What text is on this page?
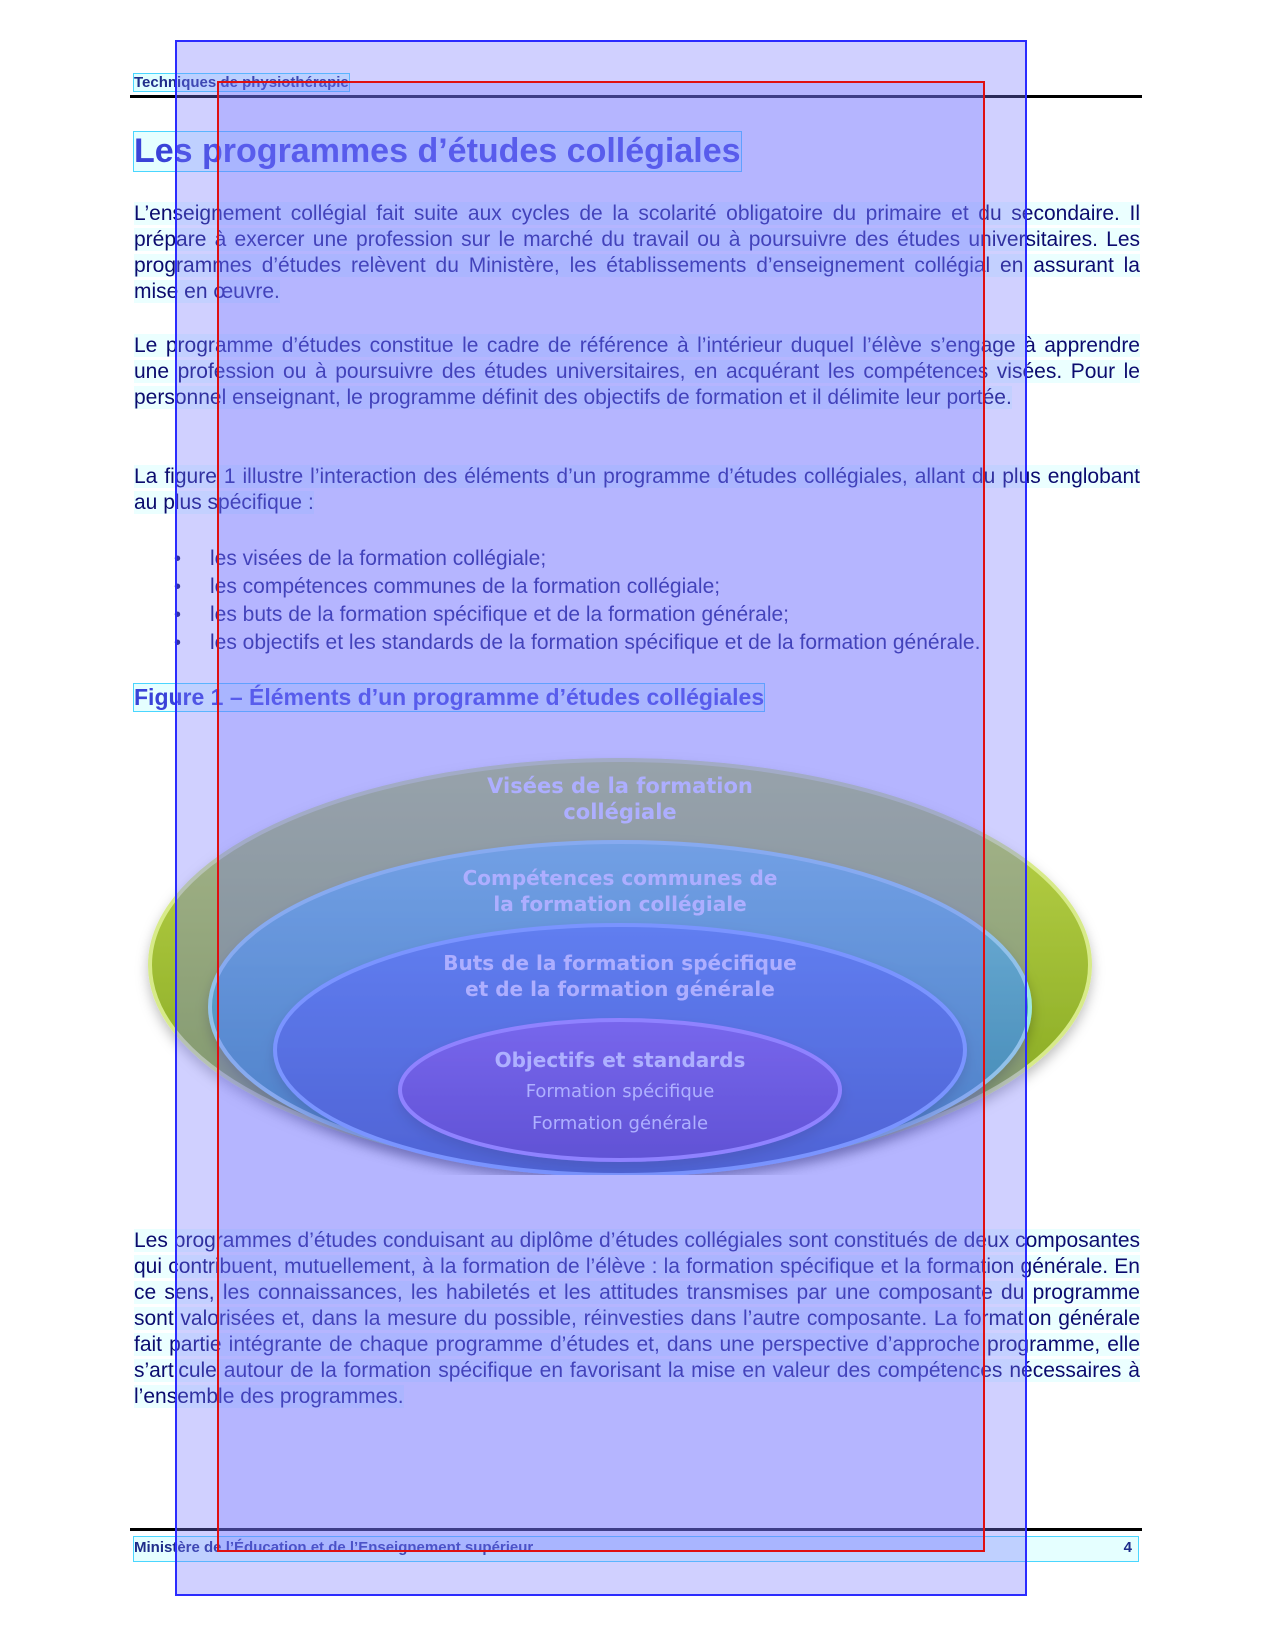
Techniques de physiothérapie
Les programmes d’études collégiales
L’enseignement collégial fait suite aux cycles de la scolarité obligatoire du primaire et du secondaire. Il prépare à exercer une profession sur le marché du travail ou à poursuivre des études universitaires. Les programmes d’études relèvent du Ministère, les établissements d’enseignement collégial en assurant la mise en œuvre.
Le programme d’études constitue le cadre de référence à l’intérieur duquel l’élève s’engage à apprendre une profession ou à poursuivre des études universitaires, en acquérant les compétences visées. Pour le personnel enseignant, le programme définit des objectifs de formation et il délimite leur portée.
La figure 1 illustre l’interaction des éléments d’un programme d’études collégiales, allant du plus englobant au plus spécifique :
• les visées de la formation collégiale;
• les compétences communes de la formation collégiale;
• les buts de la formation spécifique et de la formation générale;
• les objectifs et les standards de la formation spécifique et de la formation générale.
Figure 1 – Éléments d’un programme d’études collégiales
Visées de la formation
collégiale
Compétences communes de
la formation collégiale
Buts de la formation spécifique
et de la formation générale
Objectifs et standards
Formation spécifique
Formation générale
Les programmes d’études conduisant au diplôme d’études collégiales sont constitués de deux composantes qui contribuent, mutuellement, à la formation de l’élève : la formation spécifique et la formation générale. En ce sens, les connaissances, les habiletés et les attitudes transmises par une composante du programme sont valorisées et, dans la mesure du possible, réinvesties dans l’autre composante. La formation générale fait partie intégrante de chaque programme d’études et, dans une perspective d’approche programme, elle s’articule autour de la formation spécifique en favorisant la mise en valeur des compétences nécessaires à l’ensemble des programmes.
Ministère de l’Éducation et de l’Enseignement supérieur	4
